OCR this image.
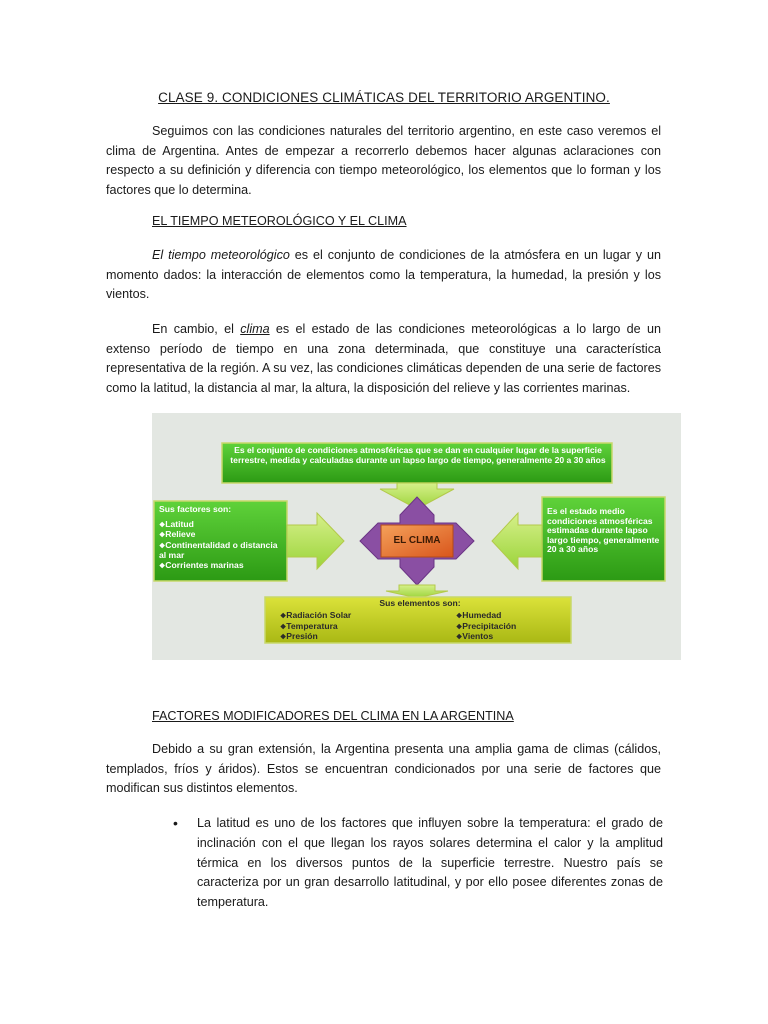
CLASE 9. CONDICIONES CLIMÁTICAS DEL TERRITORIO ARGENTINO.

Seguimos con las condiciones naturales del territorio argentino, en este caso veremos el clima de Argentina. Antes de empezar a recorrerlo debemos hacer algunas aclaraciones con respecto a su definición y diferencia con tiempo meteorológico, los elementos que lo forman y los factores que lo determina.

EL TIEMPO METEOROLÓGICO Y EL CLIMA

El tiempo meteorológico es el conjunto de condiciones de la atmósfera en un lugar y un momento dados: la interacción de elementos como la temperatura, la humedad, la presión y los vientos.

En cambio, el clima es el estado de las condiciones meteorológicas a lo largo de un extenso período de tiempo en una zona determinada, que constituye una característica representativa de la región. A su vez, las condiciones climáticas dependen de una serie de factores como la latitud, la distancia al mar, la altura, la disposición del relieve y las corrientes marinas.

Es el conjunto de condiciones atmosféricas que se dan en cualquier lugar de la superficie terrestre, medida y calculadas durante un lapso largo de tiempo, generalmente 20 a 30 años
Sus factores son:
❖ Latitud
❖ Relieve
❖ Continentalidad o distancia al mar
❖ Corrientes marinas
Es el estado medio condiciones atmosféricas estimadas durante lapso largo tiempo, generalmente 20 a 30 años
EL CLIMA
Sus elementos son:
❖ Radiación Solar
❖ Temperatura
❖ Presión
❖ Humedad
❖ Precipitación
❖ Vientos
FACTORES MODIFICADORES DEL CLIMA EN LA ARGENTINA

Debido a su gran extensión, la Argentina presenta una amplia gama de climas (cálidos, templados, fríos y áridos). Estos se encuentran condicionados por una serie de factores que modifican sus distintos elementos.

• La latitud es uno de los factores que influyen sobre la temperatura: el grado de inclinación con el que llegan los rayos solares determina el calor y la amplitud térmica en los diversos puntos de la superficie terrestre. Nuestro país se caracteriza por un gran desarrollo latitudinal, y por ello posee diferentes zonas de temperatura.
